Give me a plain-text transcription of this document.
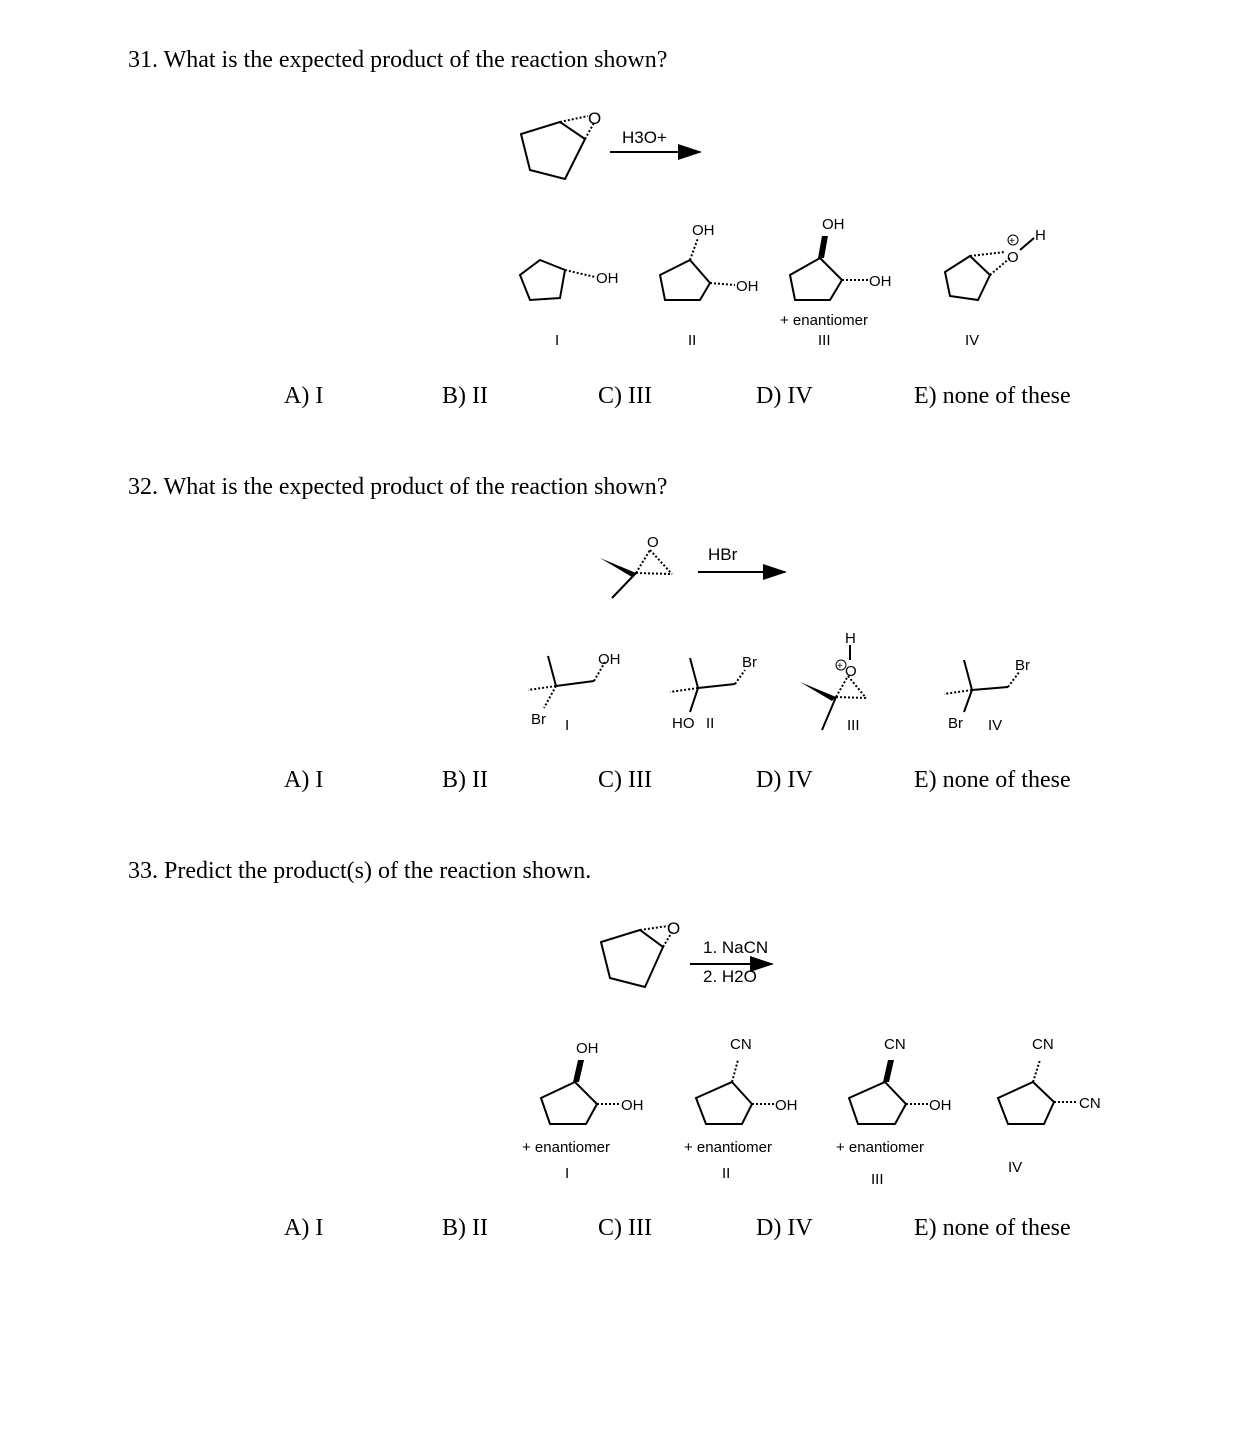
31. What is the expected product of the reaction shown?
32. What is the expected product of the reaction shown?
33. Predict the product(s) of the reaction shown.
A) I	B) II	C) III	D) IV	E) none of these
A) I	B) II	C) III	D) IV	E) none of these
A) I	B) II	C) III	D) IV	E) none of these
O
H3O+
OH
I
OH
OH
II
OH
OH
+ enantiomer
III
O
H
+
IV
O
HBr
OH
Br I
Br
HO II
H
O
+
III
Br
Br IV
O
1. NaCN
2. H2O
OH
OH
+ enantiomer
I
CN
OH
+ enantiomer
II
CN
OH
+ enantiomer
III
CN
CN
IV
